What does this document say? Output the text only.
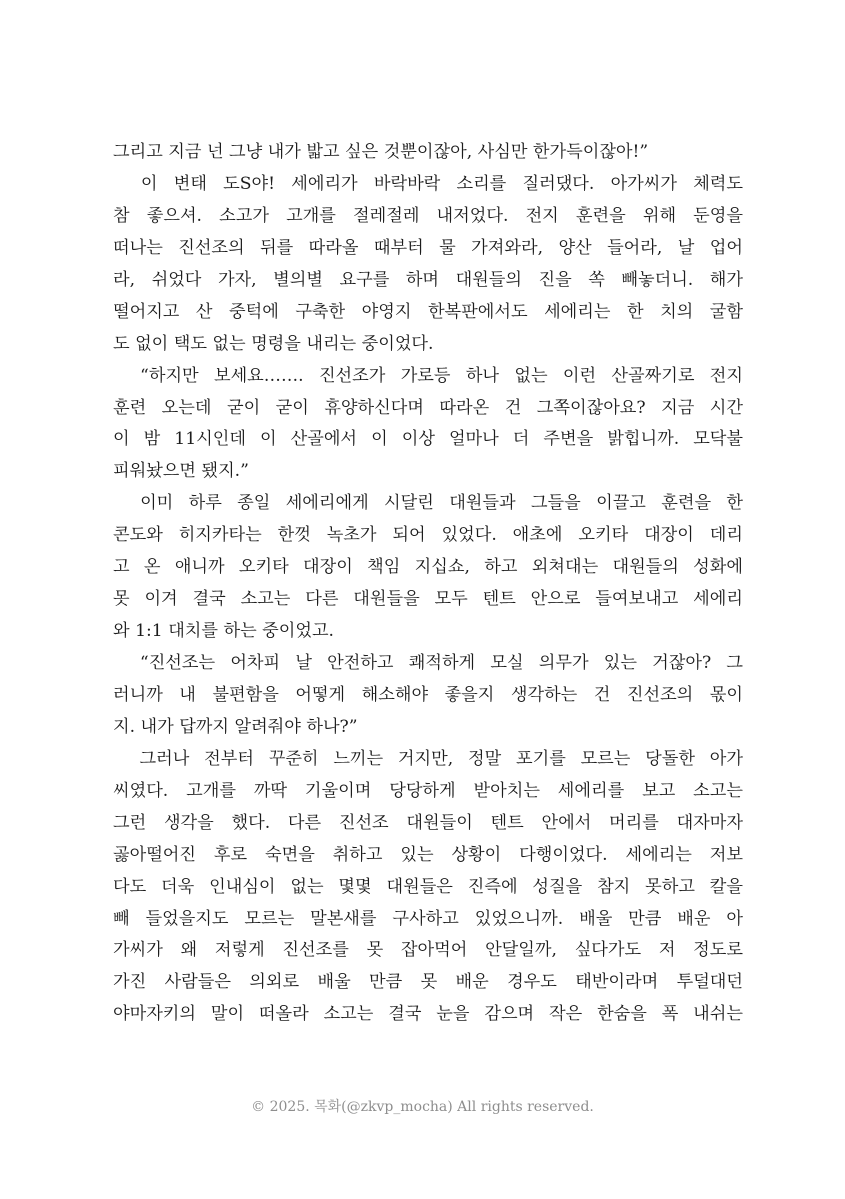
그리고 지금 넌 그냥 내가 밟고 싶은 것뿐이잖아, 사심만 한가득이잖아!”
　이 변태 도S야! 세에리가 바락바락 소리를 질러댔다. 아가씨가 체력도
참 좋으셔. 소고가 고개를 절레절레 내저었다. 전지 훈련을 위해 둔영을
떠나는 진선조의 뒤를 따라올 때부터 물 가져와라, 양산 들어라, 날 업어
라, 쉬었다 가자, 별의별 요구를 하며 대원들의 진을 쏙 빼놓더니. 해가
떨어지고 산 중턱에 구축한 야영지 한복판에서도 세에리는 한 치의 굴함
도 없이 택도 없는 명령을 내리는 중이었다.
　“하지만 보세요……. 진선조가 가로등 하나 없는 이런 산골짜기로 전지
훈련 오는데 굳이 굳이 휴양하신다며 따라온 건 그쪽이잖아요? 지금 시간
이 밤 11시인데 이 산골에서 이 이상 얼마나 더 주변을 밝힙니까. 모닥불
피워놨으면 됐지.”
　이미 하루 종일 세에리에게 시달린 대원들과 그들을 이끌고 훈련을 한
콘도와 히지카타는 한껏 녹초가 되어 있었다. 애초에 오키타 대장이 데리
고 온 애니까 오키타 대장이 책임 지십쇼, 하고 외쳐대는 대원들의 성화에
못 이겨 결국 소고는 다른 대원들을 모두 텐트 안으로 들여보내고 세에리
와 1:1 대치를 하는 중이었고.
　“진선조는 어차피 날 안전하고 쾌적하게 모실 의무가 있는 거잖아? 그
러니까 내 불편함을 어떻게 해소해야 좋을지 생각하는 건 진선조의 몫이
지. 내가 답까지 알려줘야 하나?”
　그러나 전부터 꾸준히 느끼는 거지만, 정말 포기를 모르는 당돌한 아가
씨였다. 고개를 까딱 기울이며 당당하게 받아치는 세에리를 보고 소고는
그런 생각을 했다. 다른 진선조 대원들이 텐트 안에서 머리를 대자마자
곯아떨어진 후로 숙면을 취하고 있는 상황이 다행이었다. 세에리는 저보
다도 더욱 인내심이 없는 몇몇 대원들은 진즉에 성질을 참지 못하고 칼을
빼 들었을지도 모르는 말본새를 구사하고 있었으니까. 배울 만큼 배운 아
가씨가 왜 저렇게 진선조를 못 잡아먹어 안달일까, 싶다가도 저 정도로
가진 사람들은 의외로 배울 만큼 못 배운 경우도 태반이라며 투덜대던
야마자키의 말이 떠올라 소고는 결국 눈을 감으며 작은 한숨을 폭 내쉬는
© 2025. 목화(@zkvp_mocha) All rights reserved.
